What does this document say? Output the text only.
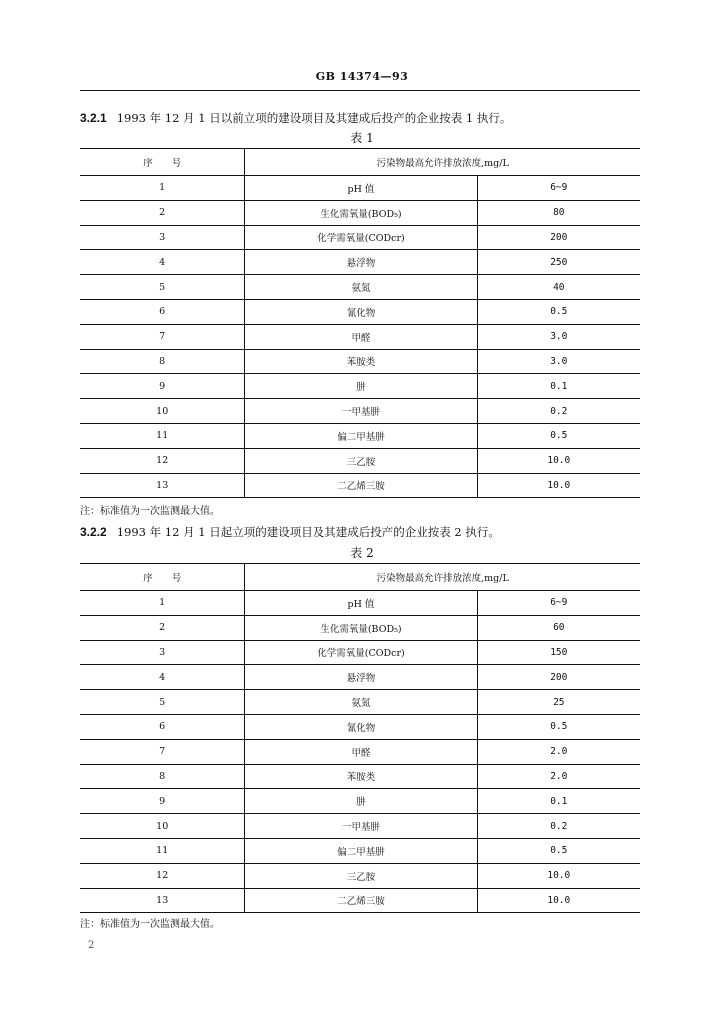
GB 14374—93
3.2.1 1993 年 12 月 1 日以前立项的建设项目及其建成后投产的企业按表 1 执行。
表 1
序　　号	污染物最高允许排放浓度,mg/L	
1	pH 值	6~9
2	生化需氧量(BOD₅)	80
3	化学需氧量(CODcr)	200
4	悬浮物	250
5	氨氮	40
6	氰化物	0.5
7	甲醛	3.0
8	苯胺类	3.0
9	肼	0.1
10	一甲基肼	0.2
11	偏二甲基肼	0.5
12	三乙胺	10.0
13	二乙烯三胺	10.0
注：标准值为一次监测最大值。
3.2.2 1993 年 12 月 1 日起立项的建设项目及其建成后投产的企业按表 2 执行。
表 2
序　　号	污染物最高允许排放浓度,mg/L	
1	pH 值	6~9
2	生化需氧量(BOD₅)	60
3	化学需氧量(CODcr)	150
4	悬浮物	200
5	氨氮	25
6	氰化物	0.5
7	甲醛	2.0
8	苯胺类	2.0
9	肼	0.1
10	一甲基肼	0.2
11	偏二甲基肼	0.5
12	三乙胺	10.0
13	二乙烯三胺	10.0
注：标准值为一次监测最大值。
2
